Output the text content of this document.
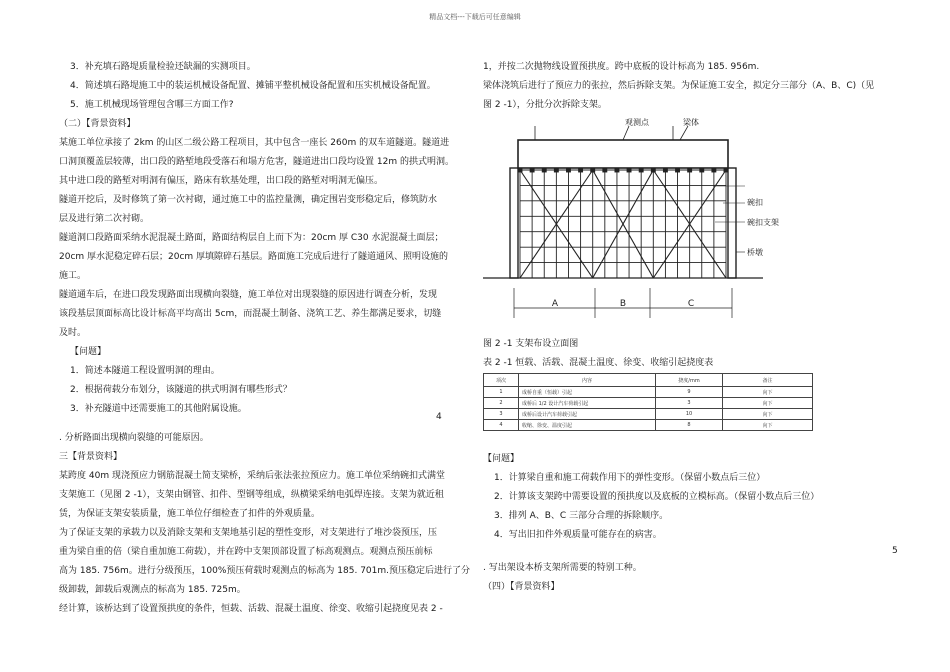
精品文档---下载后可任意编辑

3．补充填石路堤质量检验还缺漏的实测项目。

4．简述填石路堤施工中的装运机械设备配置、摊铺平整机械设备配置和压实机械设备配置。

5．施工机械现场管理包含哪三方面工作?

（二）【背景资料】

某施工单位承接了 2km 的山区二级公路工程项目，其中包含一座长 260m 的双车道隧道。隧道进

口洞顶覆盖层较薄，出口段的路堑地段受落石和塌方危害，隧道进出口段均设置 12m 的拱式明洞。

其中进口段的路堑对明洞有偏压，路床有软基处理，出口段的路堑对明洞无偏压。

隧道开挖后，及时修筑了第一次衬砌，通过施工中的监控量测，确定围岩变形稳定后，修筑防水

层及进行第二次衬砌。

隧道洞口段路面采纳水泥混凝土路面，路面结构层自上而下为：20cm 厚 C30 水泥混凝土面层；

20cm 厚水泥稳定碎石层；20cm 厚填隙碎石基层。路面施工完成后进行了隧道通风、照明设施的

施工。

隧道通车后，在进口段发现路面出现横向裂缝，施工单位对出现裂缝的原因进行调查分析，发现

该段基层顶面标高比设计标高平均高出 5cm，而混凝土制备、浇筑工艺、养生都满足要求，切缝

及时。

【问题】

1．简述本隧道工程设置明洞的理由。

2．根据荷载分布划分，该隧道的拱式明洞有哪些形式？

3．补充隧道中还需要施工的其他附属设施。

4

. 分析路面出现横向裂缝的可能原因。

三【背景资料】

某跨度 40m 现浇预应力钢筋混凝土简支梁桥，采纳后张法张拉预应力。施工单位采纳碗扣式满堂

支架施工（见图 2 -1），支架由钢管、扣件、型钢等组成，纵横梁采纳电弧焊连接。支架为就近租

赁，为保证支架安装质量，施工单位仔细检查了扣件的外观质量。

为了保证支架的承载力以及消除支架和支架地基引起的塑性变形，对支架进行了堆沙袋预压，压

重为梁自重的倍（梁自重加施工荷载），并在跨中支架顶部设置了标高观测点。观测点预压前标

高为 185. 756m。进行分级预压，100%预压荷载时观测点的标高为 185. 701m.预压稳定后进行了分

级卸载，卸载后观测点的标高为 185. 725m。

经计算，该桥达到了设置预拱度的条件，恒载、活载、混凝土温度、徐变、收缩引起挠度见表 2 -

1，并按二次抛物线设置预拱度。跨中底板的设计标高为 185. 956m.

梁体浇筑后进行了预应力的张拉，然后拆除支架。为保证施工安全，拟定分三部分（A、B、C)（见

图 2 -1），分批分次拆除支架。

观测点	梁体
碗扣
碗扣支架
桥墩
A	B	C
图 2 -1 支架布设立面图
表 2 -1 恒载、活载、混凝土温度、徐变、收缩引起挠度表
项次	内容	挠度/mm	备注
1	成桥自重（恒载）引起	9	向下
2	成桥后 1/2 设计汽车荷载引起	3	向下
3	成桥后设计汽车荷载引起	10	向下
4	收缩、徐变、温度引起	8	向下

【问题】

1．计算梁自重和施工荷载作用下的弹性变形。（保留小数点后三位）

2．计算该支架跨中需要设置的预拱度以及底板的立模标高。（保留小数点后三位）

3．排列 A、B、C 三部分合理的拆除顺序。

4．写出旧扣件外观质量可能存在的病害。

5

. 写出架设本桥支架所需要的特别工种。

（四）【背景资料】
